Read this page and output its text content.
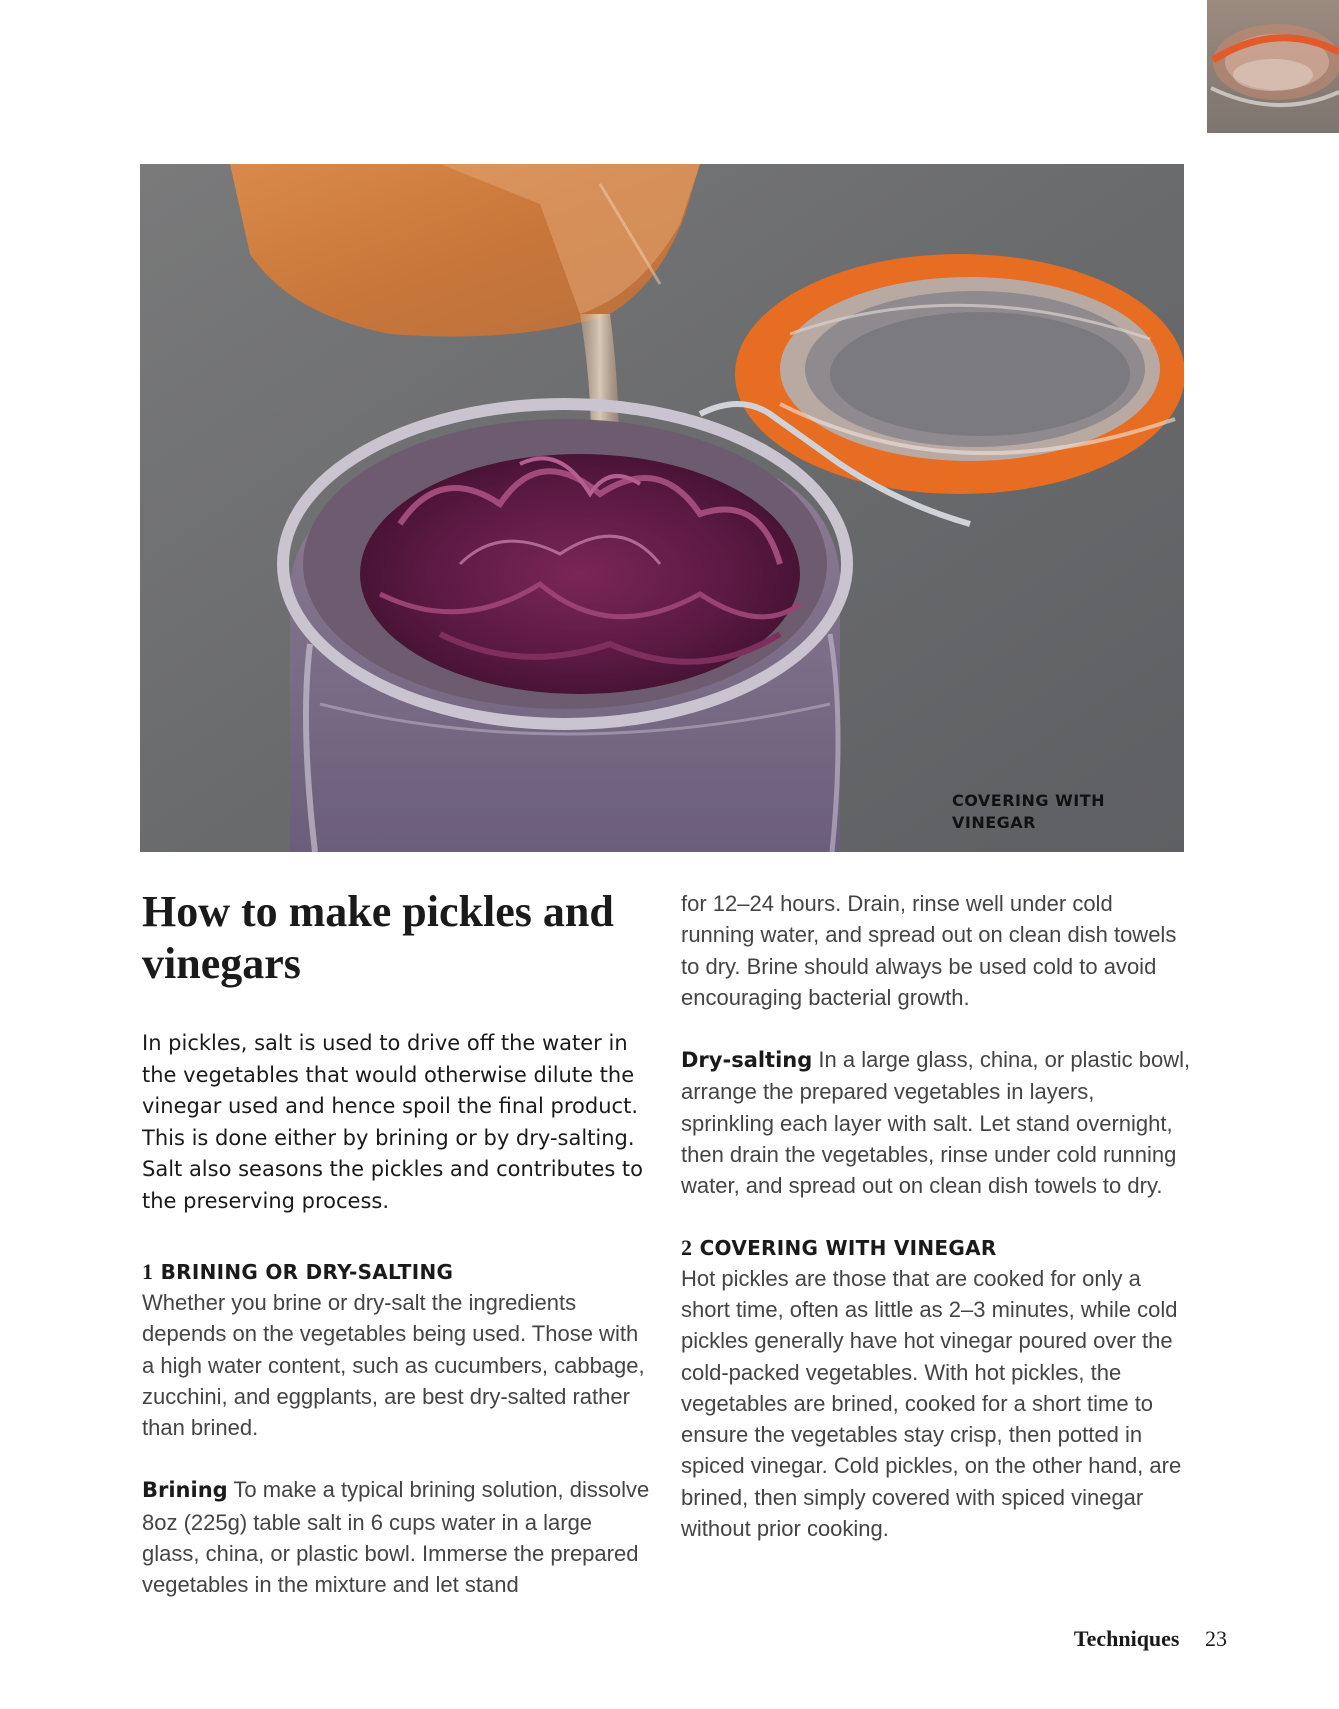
COVERING WITH VINEGAR
How to make pickles and vinegars

In pickles, salt is used to drive off the water in the vegetables that would otherwise dilute the vinegar used and hence spoil the final product. This is done either by brining or by dry-salting. Salt also seasons the pickles and contributes to the preserving process.

1 BRINING OR DRY-SALTING

Whether you brine or dry-salt the ingredients depends on the vegetables being used. Those with a high water content, such as cucumbers, cabbage, zucchini, and eggplants, are best dry-salted rather than brined.

Brining To make a typical brining solution, dissolve 8oz (225g) table salt in 6 cups water in a large glass, china, or plastic bowl. Immerse the prepared vegetables in the mixture and let stand

for 12–24 hours. Drain, rinse well under cold running water, and spread out on clean dish towels to dry. Brine should always be used cold to avoid encouraging bacterial growth.

Dry-salting In a large glass, china, or plastic bowl, arrange the prepared vegetables in layers, sprinkling each layer with salt. Let stand overnight, then drain the vegetables, rinse under cold running water, and spread out on clean dish towels to dry.

2 COVERING WITH VINEGAR

Hot pickles are those that are cooked for only a short time, often as little as 2–3 minutes, while cold pickles generally have hot vinegar poured over the cold-packed vegetables. With hot pickles, the vegetables are brined, cooked for a short time to ensure the vegetables stay crisp, then potted in spiced vinegar. Cold pickles, on the other hand, are brined, then simply covered with spiced vinegar without prior cooking.

Techniques 23
